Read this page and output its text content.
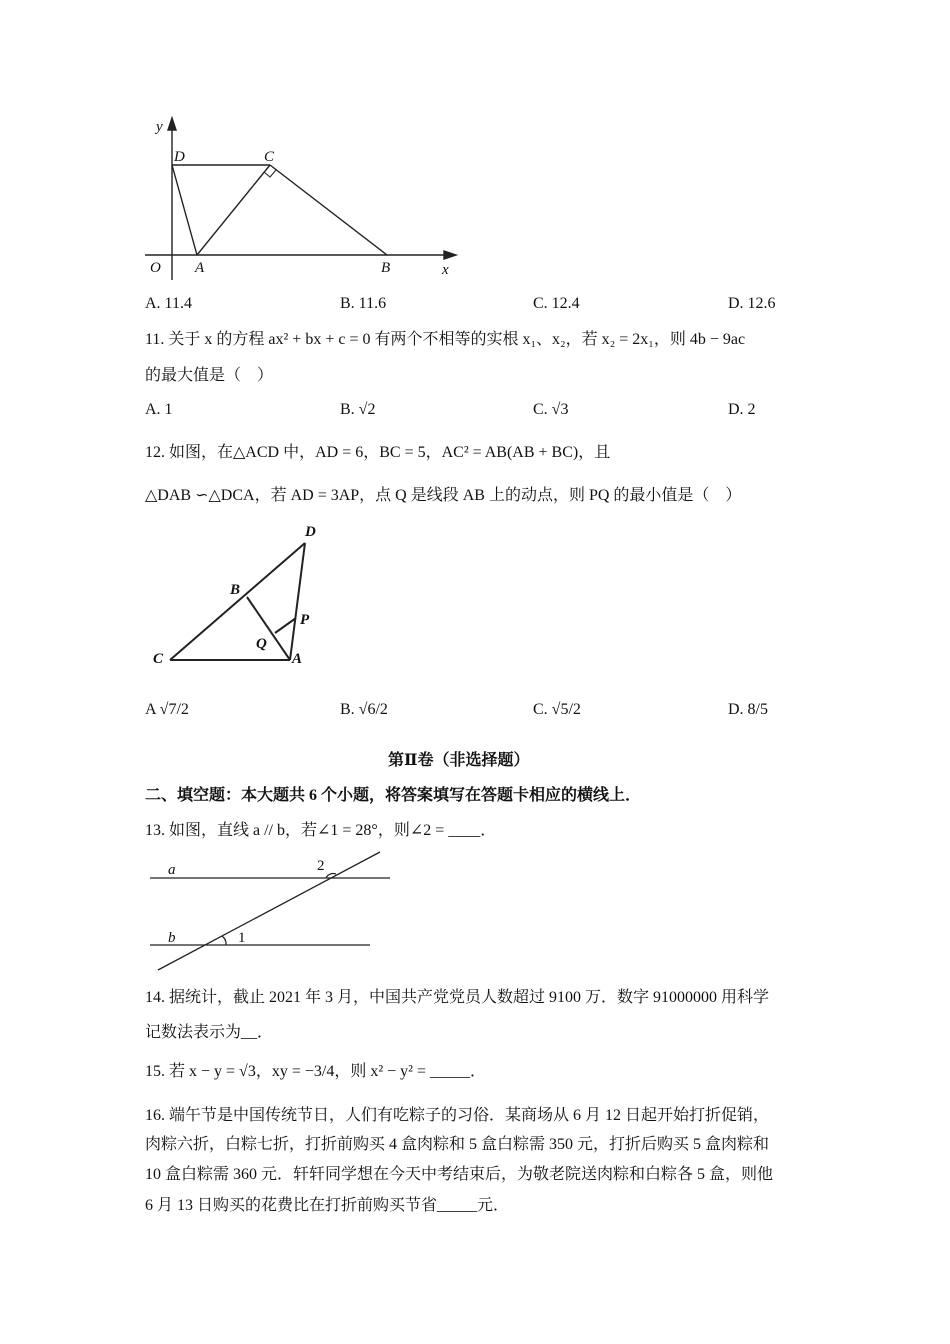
y
D	C
O A	B	x
D
B
P
Q
C	A
a
b
2
1
A. 11.4	B. 11.6	C. 12.4	D. 12.6
11. 关于 x 的方程 ax² + bx + c = 0 有两个不相等的实根 x₁、x₂，若 x₂ = 2x₁，则 4b − 9ac
的最大值是（　）
A. 1	B. √2	C. √3	D. 2
12. 如图，在△ACD 中，AD = 6，BC = 5，AC² = AB(AB + BC)，且
△DAB ∽△DCA，若 AD = 3AP，点 Q 是线段 AB 上的动点，则 PQ 的最小值是（　）
A √7/2	B. √6/2	C. √5/2	D. 8/5
第Ⅱ卷（非选择题）
二、填空题：本大题共 6 个小题，将答案填写在答题卡相应的横线上．
13. 如图，直线 a // b，若∠1 = 28°，则∠2 = ____．
14. 据统计，截止 2021 年 3 月，中国共产党党员人数超过 9100 万．数字 91000000 用科学
记数法表示为__．
15. 若 x − y = √3，xy = −3/4，则 x² − y² = _____．
16. 端午节是中国传统节日，人们有吃粽子的习俗．某商场从 6 月 12 日起开始打折促销，
肉粽六折，白粽七折，打折前购买 4 盒肉粽和 5 盒白粽需 350 元，打折后购买 5 盒肉粽和
10 盒白粽需 360 元．轩轩同学想在今天中考结束后，为敬老院送肉粽和白粽各 5 盒，则他
6 月 13 日购买的花费比在打折前购买节省_____元．
